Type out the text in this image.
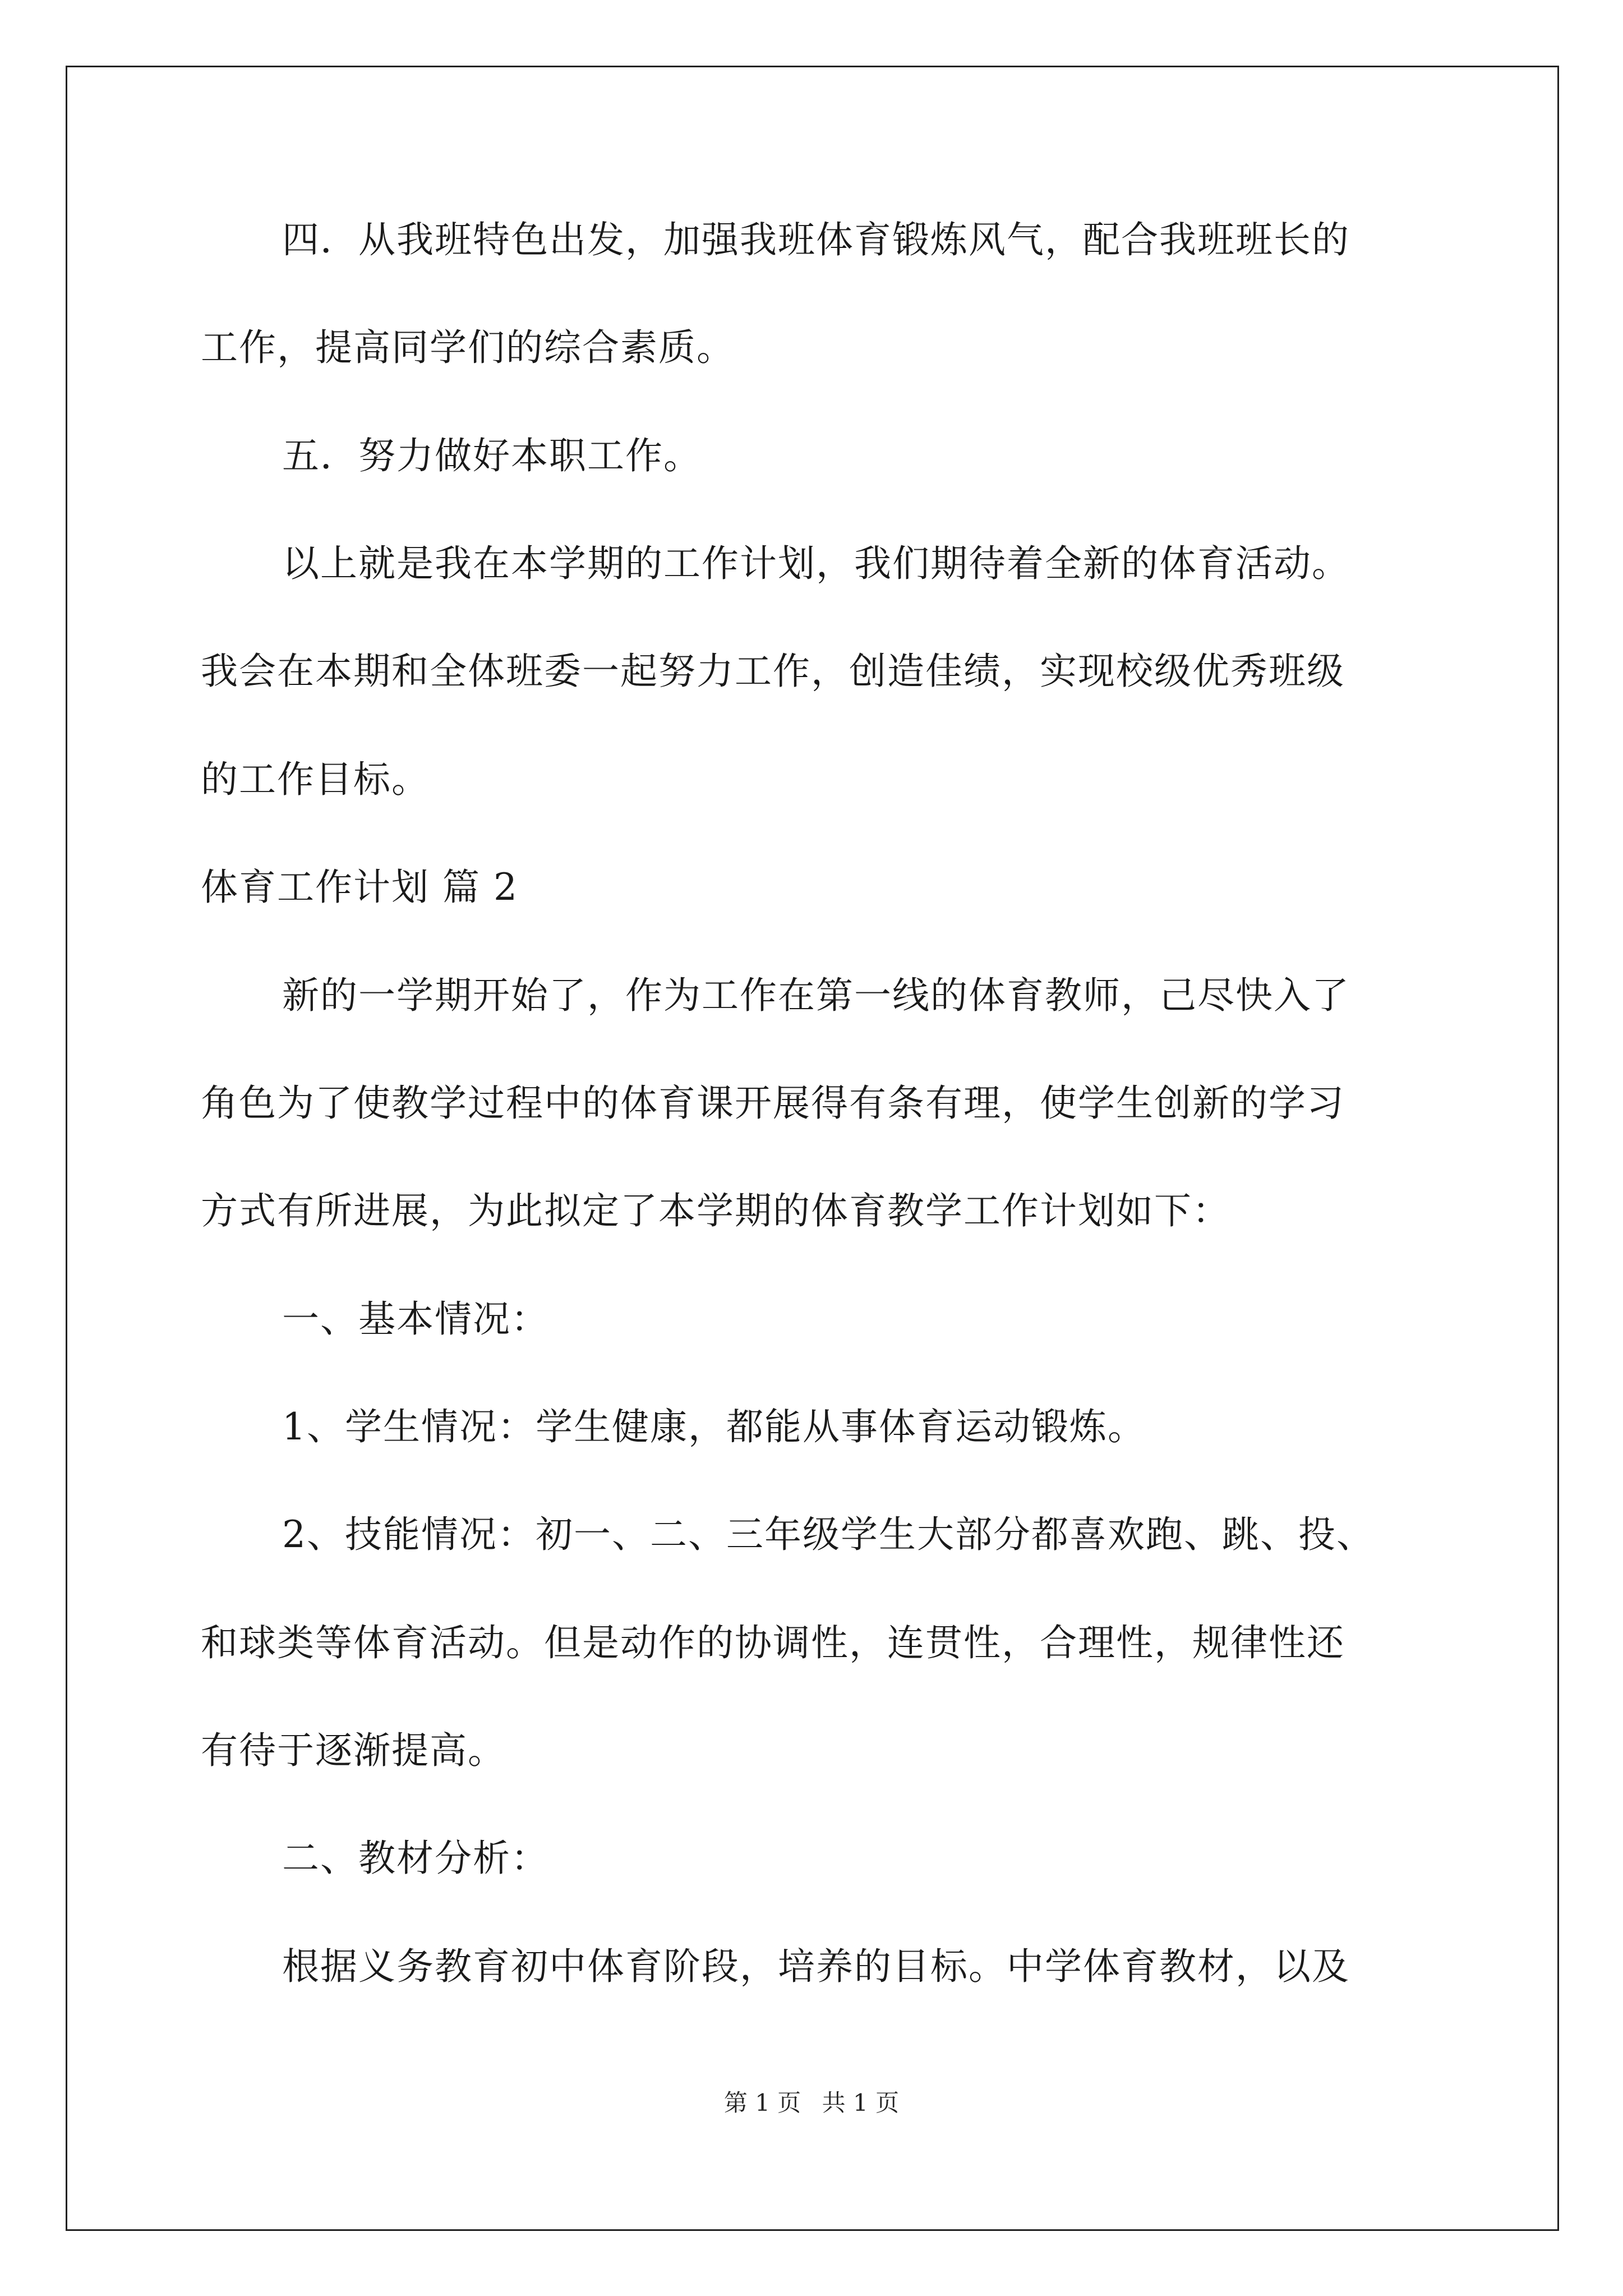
四．从我班特色出发，加强我班体育锻炼风气，配合我班班长的

工作，提高同学们的综合素质。

五．努力做好本职工作。

以上就是我在本学期的工作计划，我们期待着全新的体育活动。

我会在本期和全体班委一起努力工作，创造佳绩，实现校级优秀班级

的工作目标。

体育工作计划 篇 2

新的一学期开始了，作为工作在第一线的体育教师，己尽快入了

角色为了使教学过程中的体育课开展得有条有理，使学生创新的学习

方式有所进展，为此拟定了本学期的体育教学工作计划如下：

一、基本情况：

1、学生情况：学生健康，都能从事体育运动锻炼。

2、技能情况：初一、二、三年级学生大部分都喜欢跑、跳、投、

和球类等体育活动。但是动作的协调性，连贯性，合理性，规律性还

有待于逐渐提高。

二、教材分析：

根据义务教育初中体育阶段，培养的目标。中学体育教材，以及

第 1 页 共 1 页
